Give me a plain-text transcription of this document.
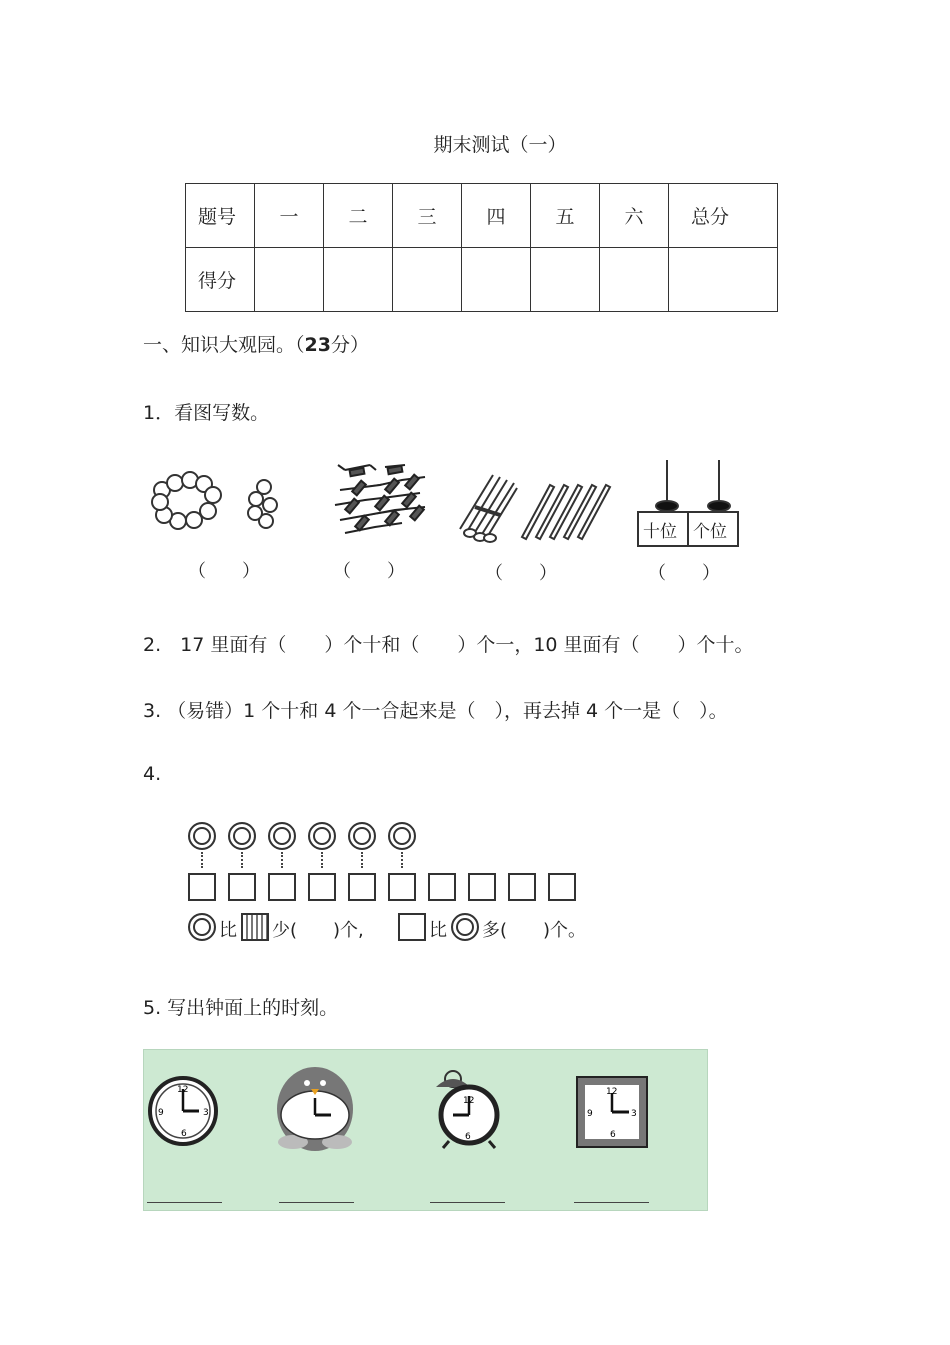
期末测试（一）
题号	一	二	三	四	五	六	总分
得分							
一、知识大观园。（23分）
1．看图写数。
十位 个位
（　　）	（　　）	（　　）	（　　）
2.　17 里面有（　　）个十和（　　）个一，10 里面有（　　）个十。
3. （易错）1 个十和 4 个一合起来是（　），再去掉 4 个一是（　）。
4.
比 少(　　)个,	比 多(　　)个。
5. 写出钟面上的时刻。
12
3
6
9
12
6
12
3
6
9
